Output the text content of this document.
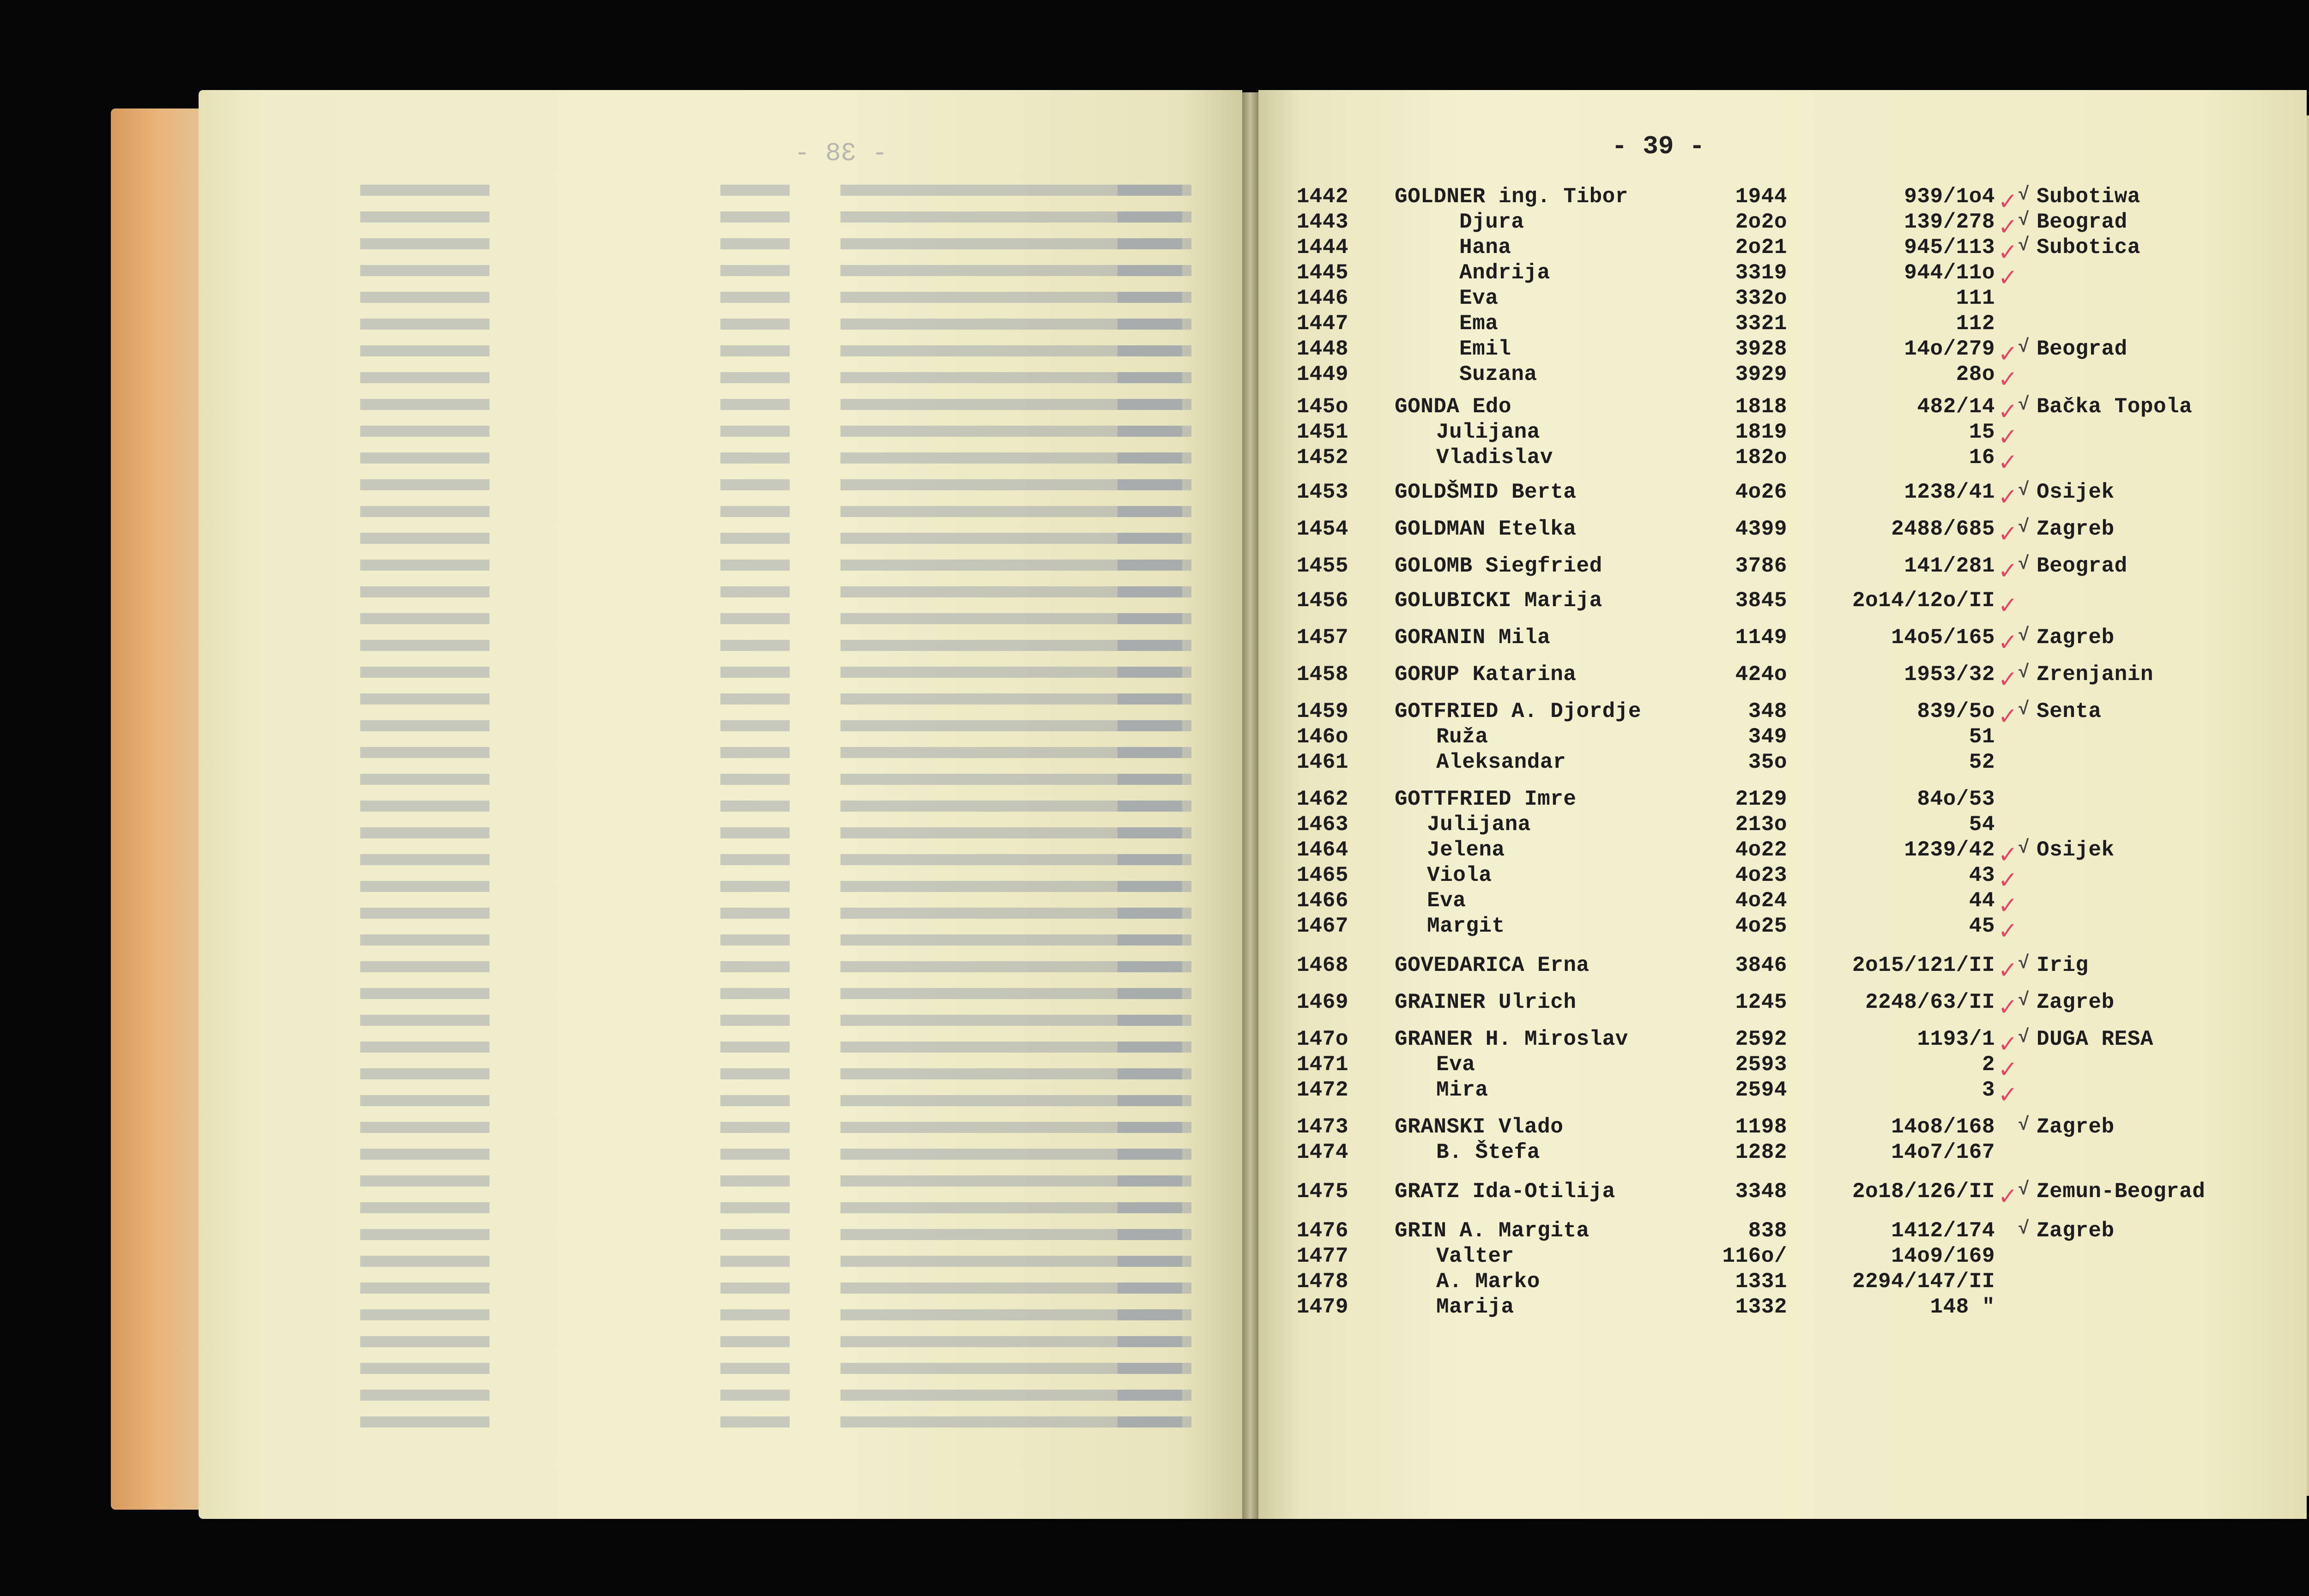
- 38 -	- 39 -
1442 GOLDNER ing. Tibor	1944	939/1o4 ✓ √ Subotiwa
1443	Djura	2o2o	139/278 ✓ √ Beograd
1444	Hana	2o21	945/113 ✓ √ Subotica
1445	Andrija	3319	944/11o ✓
1446	Eva	332o	111
1447	Ema	3321	112
1448	Emil	3928	14o/279 ✓ √ Beograd
1449	Suzana	3929	28o ✓
145o GONDA Edo	1818	482/14 ✓ √ Bačka Topola
1451	Julijana	1819	15 ✓
1452	Vladislav	182o	16 ✓
1453 GOLDŠMID Berta	4o26	1238/41 ✓ √ Osijek
1454 GOLDMAN Etelka	4399	2488/685 ✓ √ Zagreb
1455 GOLOMB Siegfried	3786	141/281 ✓ √ Beograd
1456 GOLUBICKI Marija	3845	2o14/12o/II ✓
1457 GORANIN Mila	1149	14o5/165 ✓ √ Zagreb
1458 GORUP Katarina	424o	1953/32 ✓ √ Zrenjanin
1459 GOTFRIED A. Djordje	348	839/5o ✓ √ Senta
146o	Ruža	349	51
1461	Aleksandar	35o	52
1462 GOTTFRIED Imre	2129	84o/53
1463	Julijana	213o	54
1464	Jelena	4o22	1239/42 ✓ √ Osijek
1465	Viola	4o23	43 ✓
1466	Eva	4o24	44 ✓
1467	Margit	4o25	45 ✓
1468 GOVEDARICA Erna	3846	2o15/121/II ✓ √ Irig
1469 GRAINER Ulrich	1245	2248/63/II ✓ √ Zagreb
147o GRANER H. Miroslav	2592	1193/1 ✓ √ DUGA RESA
1471	Eva	2593	2 ✓
1472	Mira	2594	3 ✓
1473 GRANSKI Vlado	1198	14o8/168 √ Zagreb
1474	B. Štefa	1282	14o7/167
1475 GRATZ Ida-Otilija	3348	2o18/126/II ✓ √ Zemun-Beograd
1476 GRIN A. Margita	838	1412/174 √ Zagreb
1477	Valter	116o/	14o9/169
1478	A. Marko	1331	2294/147/II
1479	Marija	1332	148 "
